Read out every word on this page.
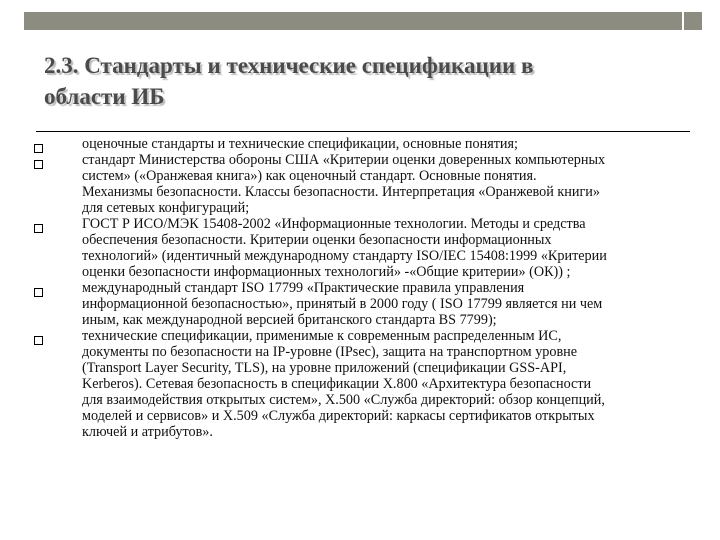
2.3. Стандарты и технические спецификации в
области ИБ
оценочные стандарты и технические спецификации, основные понятия;
стандарт Министерства обороны США «Критерии оценки доверенных компьютерных
систем» («Оранжевая книга») как оценочный стандарт. Основные понятия.
Механизмы безопасности. Классы безопасности. Интерпретация «Оранжевой книги»
для сетевых конфигураций;
ГОСТ Р ИСО/МЭК 15408-2002 «Информационные технологии. Методы и средства
обеспечения безопасности. Критерии оценки безопасности информационных
технологий» (идентичный международному стандарту ISO/IEC 15408:1999 «Критерии
оценки безопасности информационных технологий» -«Общие критерии» (ОК)) ;
международный стандарт ISO 17799 «Практические правила управления
информационной безопасностью», принятый в 2000 году ( ISO 17799 является ни чем
иным, как международной версией британского стандарта BS 7799);
технические спецификации, применимые к современным распределенным ИС,
документы по безопасности на IP-уровне (IPsec), защита на транспортном уровне
(Transport Layer Security, TLS), на уровне приложений (спецификации GSS-API,
Kerberos). Сетевая безопасность в спецификации X.800 «Архитектура безопасности
для взаимодействия открытых систем», X.500 «Служба директорий: обзор концепций,
моделей и сервисов» и X.509 «Служба директорий: каркасы сертификатов открытых
ключей и атрибутов».
